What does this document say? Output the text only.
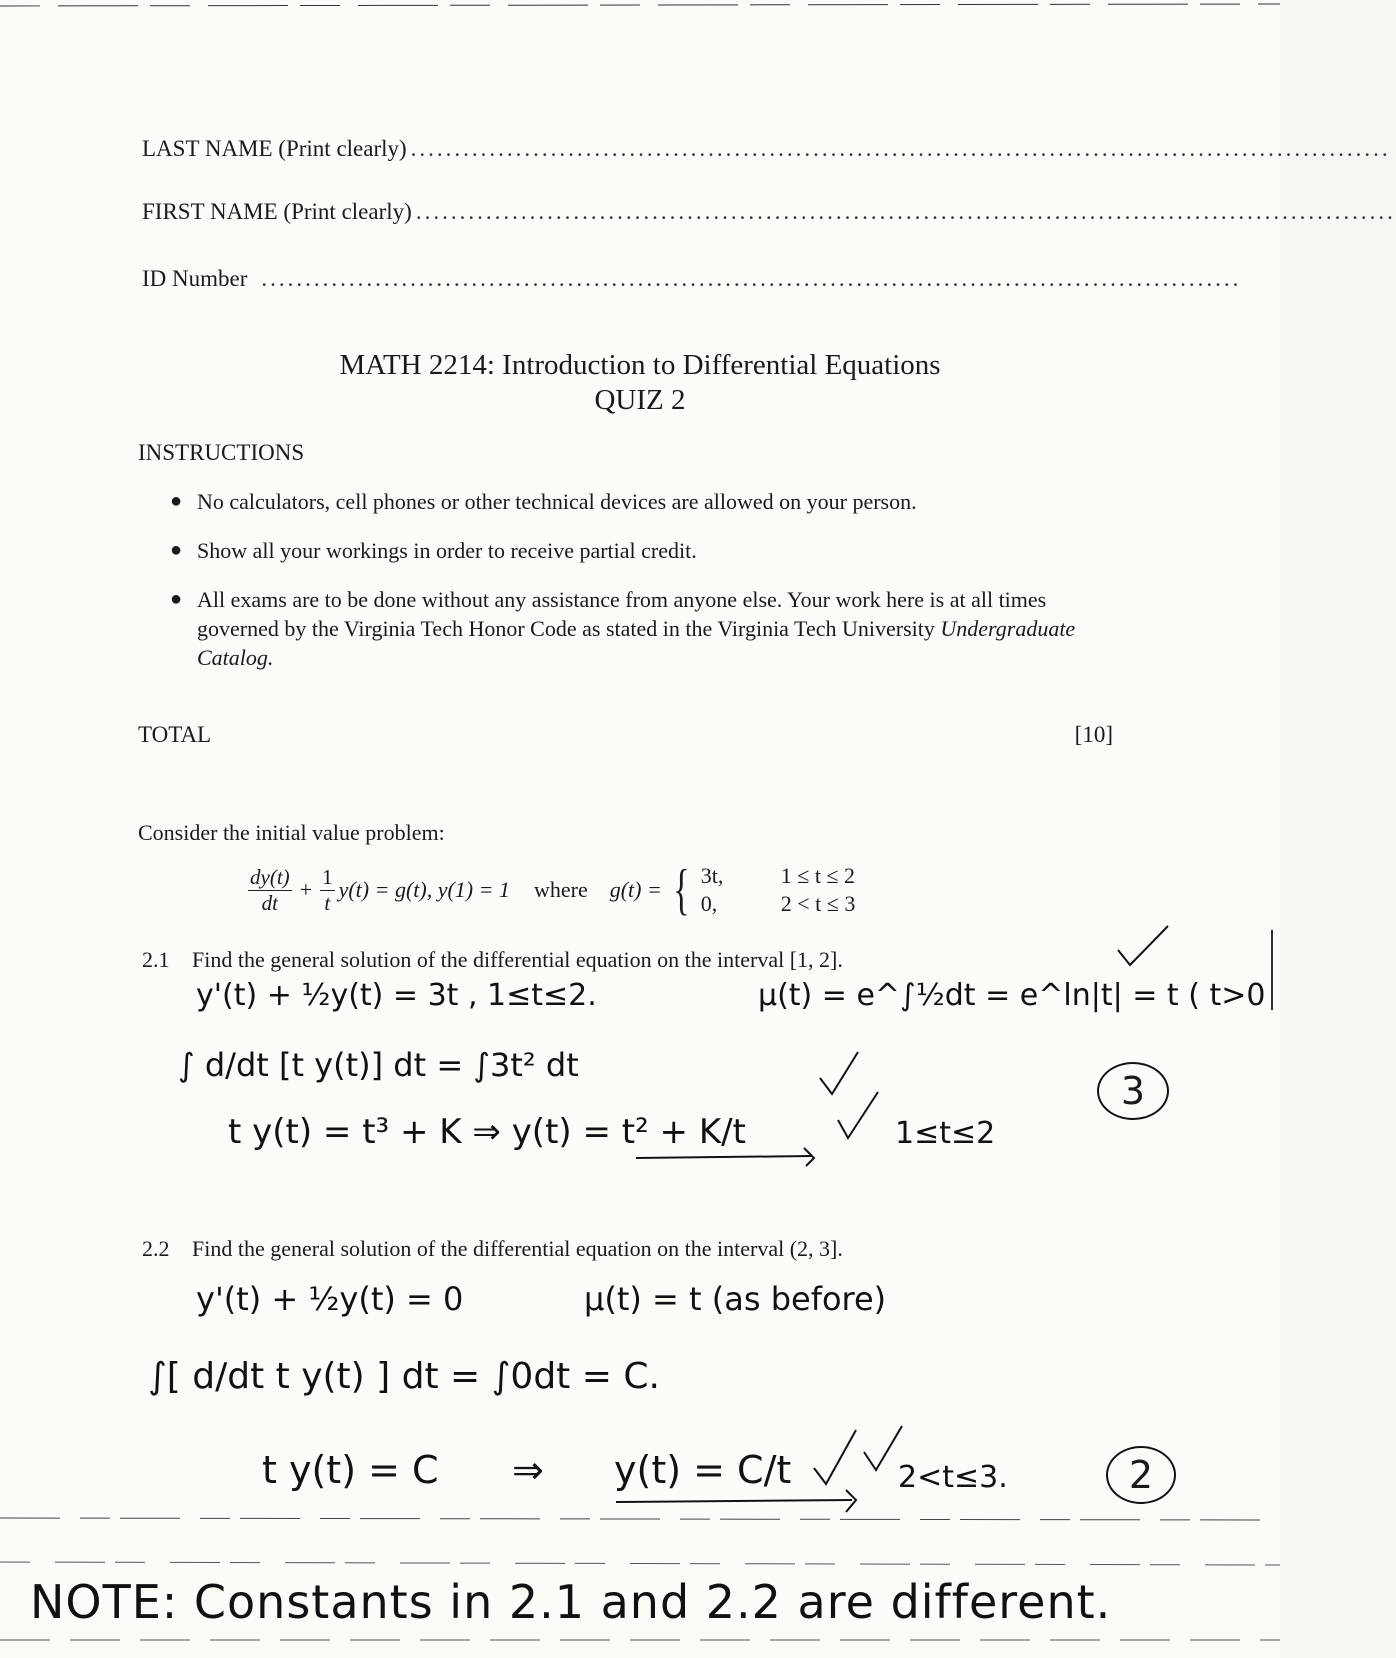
LAST NAME (Print clearly) ................................................................................................................
FIRST NAME (Print clearly) ................................................................................................................
ID Number ................................................................................................................
MATH 2214: Introduction to Differential Equations
QUIZ 2
INSTRUCTIONS
● No calculators, cell phones or other technical devices are allowed on your person.
● Show all your workings in order to receive partial credit.
● All exams are to be done without any assistance from anyone else. Your work here is at all times governed by the Virginia Tech Honor Code as stated in the Virginia Tech University Undergraduate Catalog.
TOTAL	[10]
Consider the initial value problem:
$\frac{dy(t)}{dt} + \frac{1}{t} y(t) = g(t)$, y(1) = 1 where g(t) = { 3t,	1 ≤ t ≤ 2
0,	2 < t ≤ 3
2.1	Find the general solution of the differential equation on the interval [1, 2].
y'(t) + ½y(t) = 3t , 1≤t≤2.	μ(t) = e^∫½dt = e^ln|t| = t ( t>0
∫ d/dt [t y(t)] dt = ∫3t² dt
t y(t) = t³ + K ⇒ y(t) = t² + K/t	1≤t≤2
3
2.2	Find the general solution of the differential equation on the interval (2, 3].
y'(t) + ½y(t) = 0	μ(t) = t (as before)
∫[ d/dt t y(t) ] dt = ∫0dt = C.
t y(t) = C ⇒ y(t) = C/t	2<t≤3.	2
NOTE: Constants in 2.1 and 2.2 are different.
